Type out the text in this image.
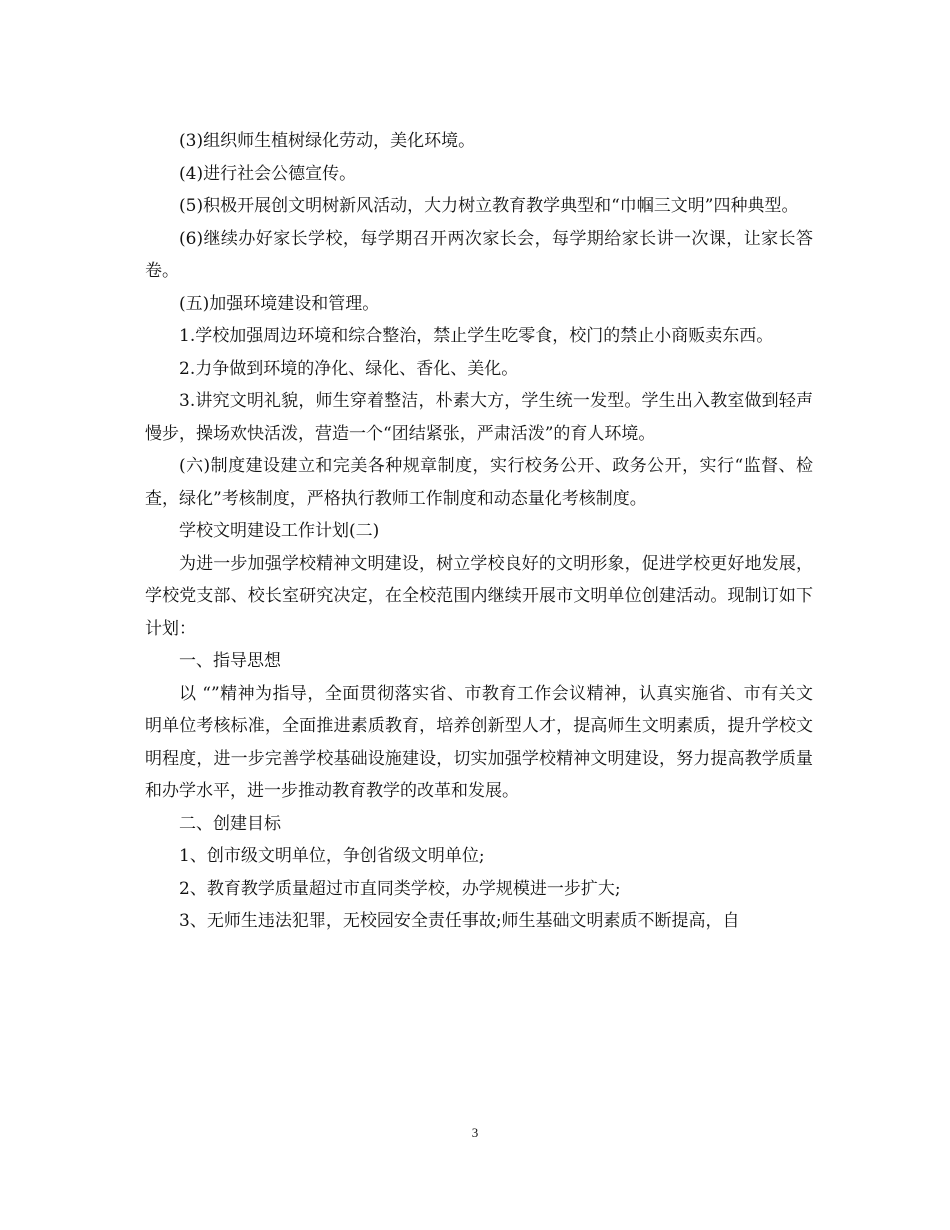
(3)组织师生植树绿化劳动，美化环境。

(4)进行社会公德宣传。

(5)积极开展创文明树新风活动，大力树立教育教学典型和“巾帼三文明”四种典型。

(6)继续办好家长学校，每学期召开两次家长会，每学期给家长讲一次课，让家长答卷。

(五)加强环境建设和管理。

1.学校加强周边环境和综合整治，禁止学生吃零食，校门的禁止小商贩卖东西。

2.力争做到环境的净化、绿化、香化、美化。

3.讲究文明礼貌，师生穿着整洁，朴素大方，学生统一发型。学生出入教室做到轻声慢步，操场欢快活泼，营造一个“团结紧张，严肃活泼”的育人环境。

(六)制度建设建立和完美各种规章制度，实行校务公开、政务公开，实行“监督、检查，绿化”考核制度，严格执行教师工作制度和动态量化考核制度。

学校文明建设工作计划(二)

为进一步加强学校精神文明建设，树立学校良好的文明形象，促进学校更好地发展，学校党支部、校长室研究决定，在全校范围内继续开展市文明单位创建活动。现制订如下计划：

一、指导思想

以 “”精神为指导，全面贯彻落实省、市教育工作会议精神，认真实施省、市有关文明单位考核标准，全面推进素质教育，培养创新型人才，提高师生文明素质，提升学校文明程度，进一步完善学校基础设施建设，切实加强学校精神文明建设，努力提高教学质量和办学水平，进一步推动教育教学的改革和发展。

二、创建目标

1、创市级文明单位，争创省级文明单位;

2、教育教学质量超过市直同类学校，办学规模进一步扩大;

3、无师生违法犯罪，无校园安全责任事故;师生基础文明素质不断提高，自

3
